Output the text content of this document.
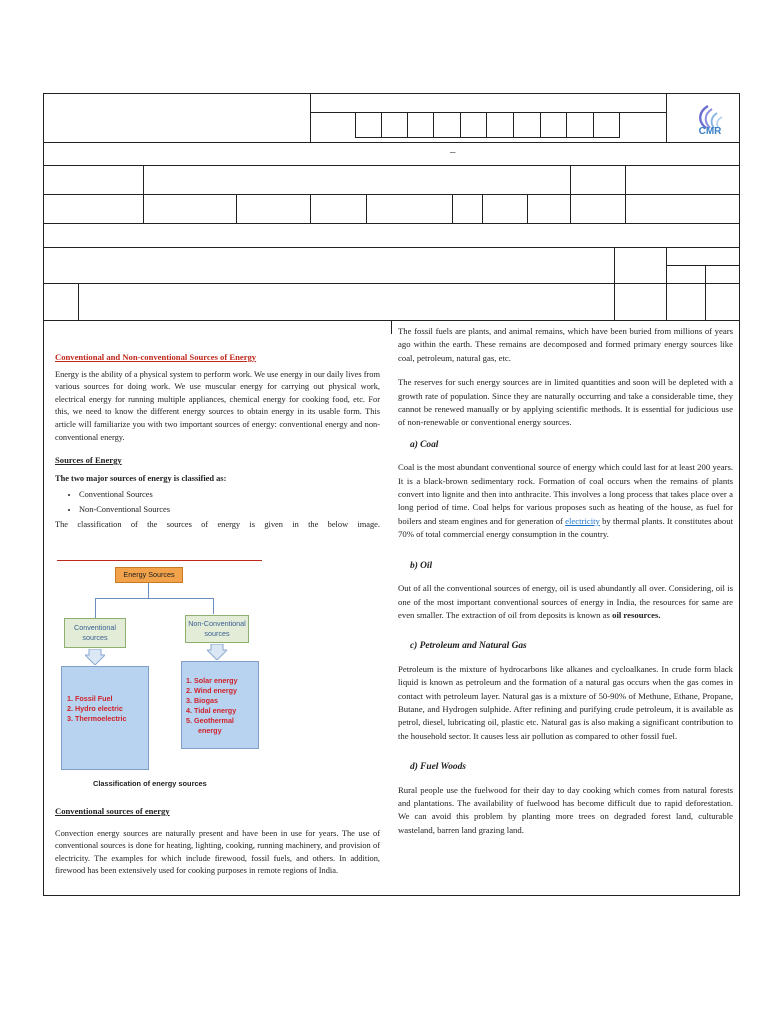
–
CMR

Conventional and Non-conventional Sources of Energy

Energy is the ability of a physical system to perform work. We use energy in our daily lives from various sources for doing work. We use muscular energy for carrying out physical work, electrical energy for running multiple appliances, chemical energy for cooking food, etc. For this, we need to know the different energy sources to obtain energy in its usable form. This article will familiarize you with two important sources of energy: conventional energy and non-conventional energy.

Sources of Energy

The two major sources of energy is classified as:

• Conventional Sources
• Non-Conventional Sources

The classification of the sources of energy is given in the below image.

Energy Sources
Conventional sources
1. Fossil Fuel
2. Hydro electric
3. Thermoelectric
Non-Conventional sources
1. Solar energy
2. Wind energy
3. Biogas
4. Tidal energy
5. Geothermal
energy
Classification of energy sources

Conventional sources of energy

Convection energy sources are naturally present and have been in use for years. The use of conventional sources is done for heating, lighting, cooking, running machinery, and provision of electricity. The examples for which include firewood, fossil fuels, and others. In addition, firewood has been extensively used for cooking purposes in remote regions of India.

The fossil fuels are plants, and animal remains, which have been buried from millions of years ago within the earth. These remains are decomposed and formed primary energy sources like coal, petroleum, natural gas, etc.

The reserves for such energy sources are in limited quantities and soon will be depleted with a growth rate of population. Since they are naturally occurring and take a considerable time, they cannot be renewed manually or by applying scientific methods. It is essential for judicious use of non-renewable or conventional energy sources.

a) Coal

Coal is the most abundant conventional source of energy which could last for at least 200 years. It is a black-brown sedimentary rock. Formation of coal occurs when the remains of plants convert into lignite and then into anthracite. This involves a long process that takes place over a long period of time. Coal helps for various proposes such as heating of the house, as fuel for boilers and steam engines and for generation of electricity by thermal plants. It constitutes about 70% of total commercial energy consumption in the country.

b) Oil

Out of all the conventional sources of energy, oil is used abundantly all over. Considering, oil is one of the most important conventional sources of energy in India, the resources for same are even smaller. The extraction of oil from deposits is known as oil resources.

c) Petroleum and Natural Gas

Petroleum is the mixture of hydrocarbons like alkanes and cycloalkanes. In crude form black liquid is known as petroleum and the formation of a natural gas occurs when the gas comes in contact with petroleum layer. Natural gas is a mixture of 50-90% of Methune, Ethane, Propane, Butane, and Hydrogen sulphide. After refining and purifying crude petroleum, it is available as petrol, diesel, lubricating oil, plastic etc. Natural gas is also making a significant contribution to the household sector. It causes less air pollution as compared to other fossil fuel.

d) Fuel Woods

Rural people use the fuelwood for their day to day cooking which comes from natural forests and plantations. The availability of fuelwood has become difficult due to rapid deforestation. We can avoid this problem by planting more trees on degraded forest land, culturable wasteland, barren land grazing land.
